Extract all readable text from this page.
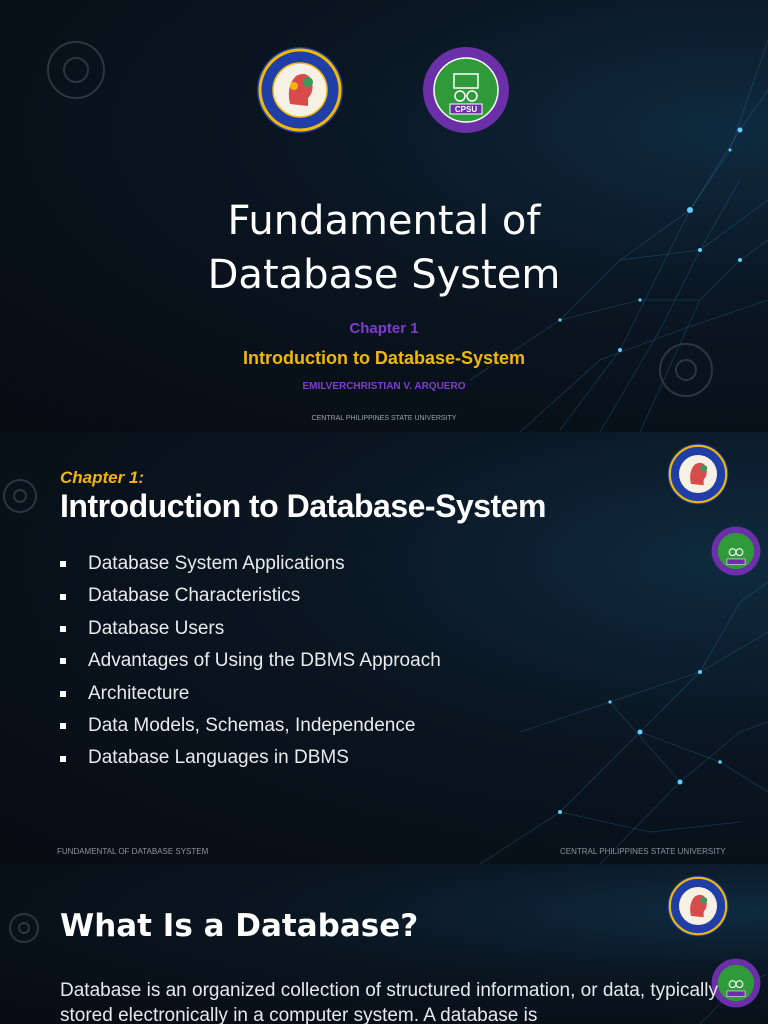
CPSU
Fundamental of
Database System
Chapter 1
Introduction to Database-System
EMILVERCHRISTIAN V. ARQUERO
CENTRAL PHILIPPINES STATE UNIVERSITY
Chapter 1:
Introduction to Database-System
Database System Applications
Database Characteristics
Database Users
Advantages of Using the DBMS Approach
Architecture
Data Models, Schemas, Independence
Database Languages in DBMS
FUNDAMENTAL OF DATABASE SYSTEM	CENTRAL PHILIPPINES STATE UNIVERSITY
What Is a Database?

Database is an organized collection of structured information, or data, typically stored electronically in a computer system. A database is
